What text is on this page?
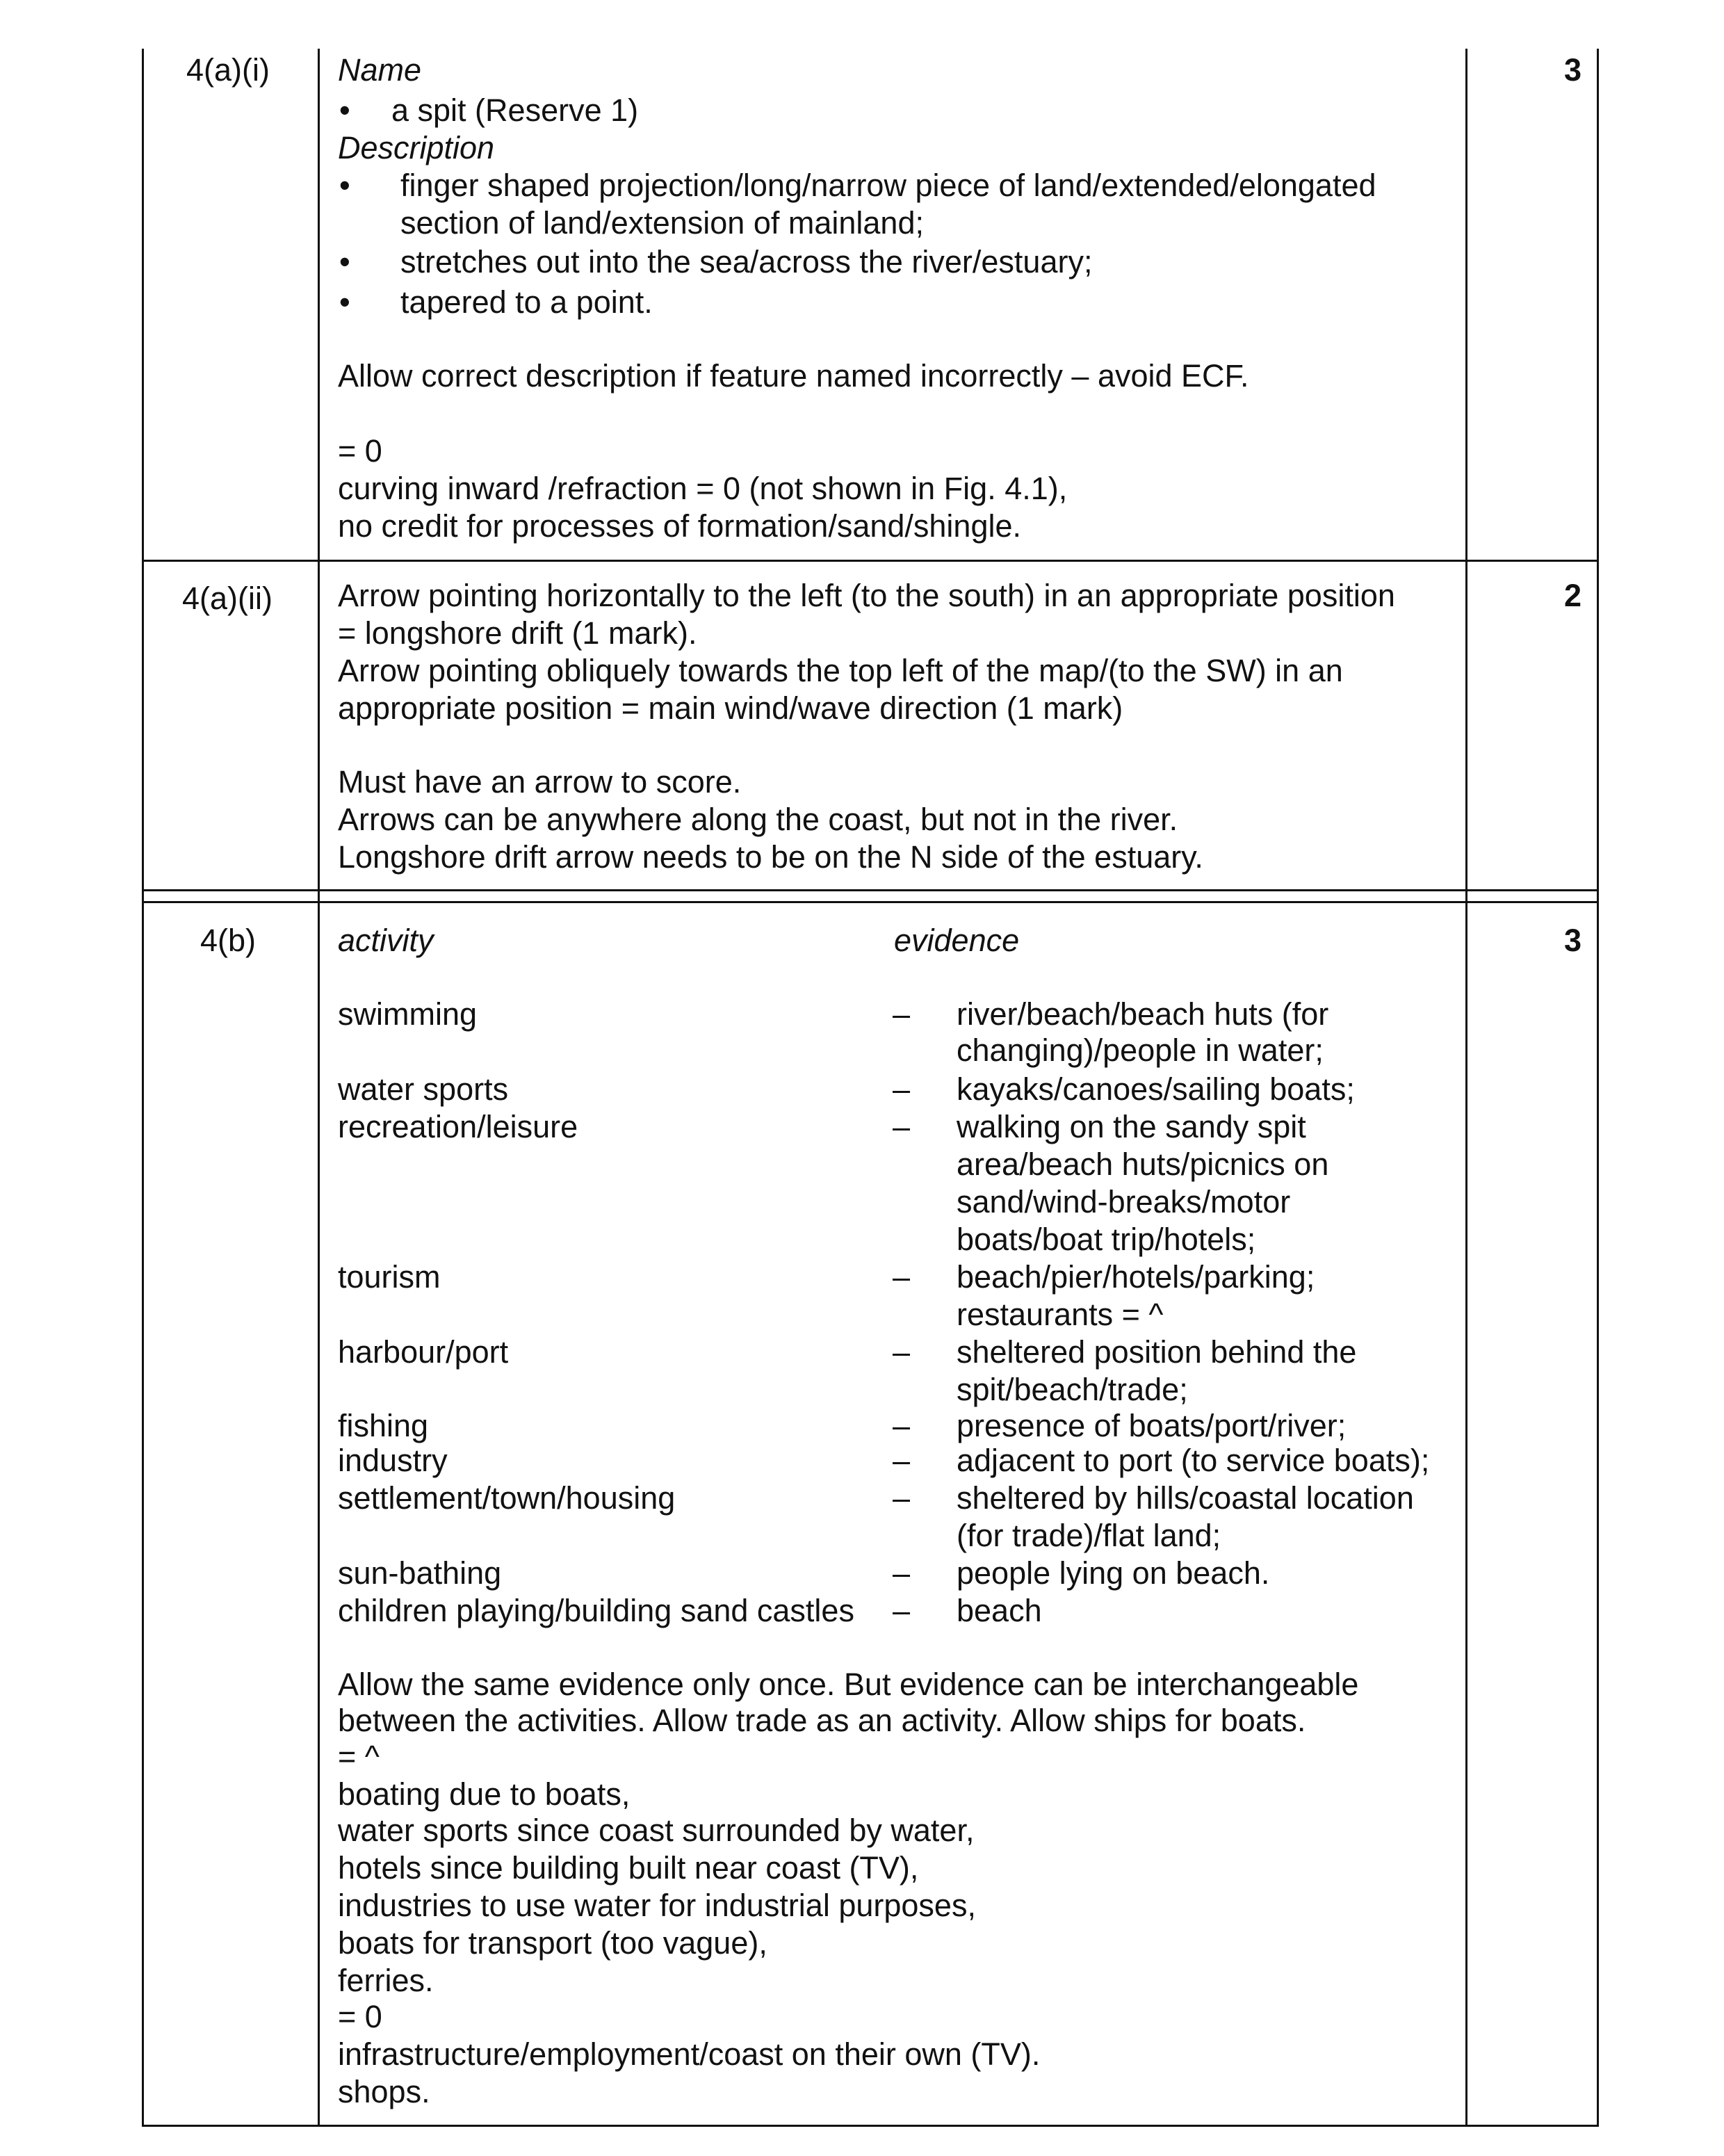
4(a)(i)	3
Name
• a spit (Reserve 1)
Description
• finger shaped projection/long/narrow piece of land/extended/elongated
section of land/extension of mainland;
• stretches out into the sea/across the river/estuary;
• tapered to a point.
Allow correct description if feature named incorrectly – avoid ECF.
= 0
curving inward /refraction = 0 (not shown in Fig. 4.1),
no credit for processes of formation/sand/shingle.
4(a)(ii)	2
Arrow pointing horizontally to the left (to the south) in an appropriate position
= longshore drift (1 mark).
Arrow pointing obliquely towards the top left of the map/(to the SW) in an
appropriate position = main wind/wave direction (1 mark)
Must have an arrow to score.
Arrows can be anywhere along the coast, but not in the river.
Longshore drift arrow needs to be on the N side of the estuary.
4(b)	3
activity	evidence
swimming	– river/beach/beach huts (for
changing)/people in water;
water sports	– kayaks/canoes/sailing boats;
recreation/leisure	– walking on the sandy spit
area/beach huts/picnics on
sand/wind-breaks/motor
boats/boat trip/hotels;
tourism	– beach/pier/hotels/parking;
restaurants = ^
harbour/port	– sheltered position behind the
spit/beach/trade;
fishing	– presence of boats/port/river;
industry	– adjacent to port (to service boats);
settlement/town/housing	– sheltered by hills/coastal location
(for trade)/flat land;
sun-bathing	– people lying on beach.
children playing/building sand castles – beach
Allow the same evidence only once. But evidence can be interchangeable
between the activities. Allow trade as an activity. Allow ships for boats.
= ^
boating due to boats,
water sports since coast surrounded by water,
hotels since building built near coast (TV),
industries to use water for industrial purposes,
boats for transport (too vague),
ferries.
= 0
infrastructure/employment/coast on their own (TV).
shops.
